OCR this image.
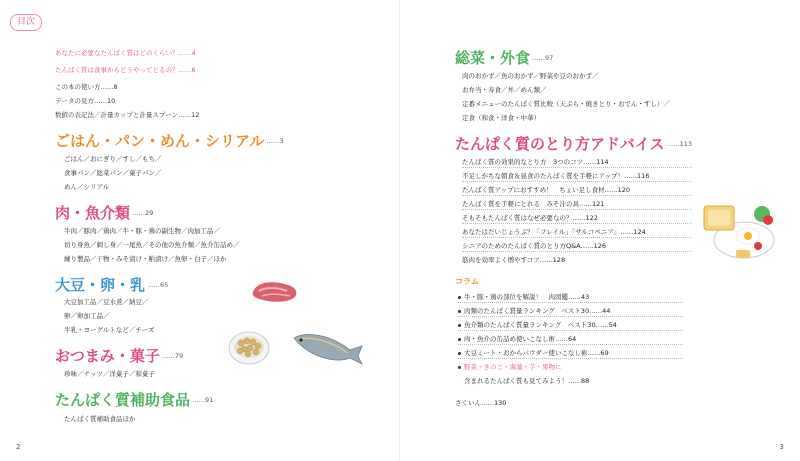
目次
あなたに必要なたんぱく質はどのくらい？……4
たんぱく質は食事からどうやってとるの？……6
この本の使い方……8
データの見方……10
数値の表記法／計量カップと計量スプーン……12
ごはん・パン・めん・シリアル $^{\dots\dots 3}$
ごはん／おにぎり／すし／もち／
食事パン／総菜パン／菓子パン／
めん／シリアル
肉・魚介類 $^{\dots\dots 29}$
牛肉／豚肉／鶏肉／牛・豚・鶏の副生物／肉加工品／
切り身魚／刺し身／一尾魚／その他の魚介類／魚介缶詰め／
練り製品／干物・みそ漬け・粕漬け／魚卵・白子／ほか
大豆・卵・乳 $^{\dots\dots 65}$
大豆加工品／豆水煮／納豆／
卵／卵加工品／
牛乳・ヨーグルトなど／チーズ
おつまみ・菓子 $^{\dots\dots 79}$
珍味／ナッツ／洋菓子／和菓子
たんぱく質補助食品 $^{\dots\dots 91}$
たんぱく質補助食品ほか
2
総菜・外食 $^{\dots\dots 97}$
肉のおかず／魚のおかず／野菜や豆のおかず／
お弁当・寿食／丼／めん類／
定番メニューのたんぱく質比較（天ぷら・焼きとり・おでん・すし）／
定食（和食・洋食・中華）
たんぱく質のとり方アドバイス $^{\dots\dots 113}$
たんぱく質の効果的なとり方　3つのコツ……114
不足しがちな朝食＆昼食のたんぱく質を手軽にアップ！……116
たんぱく質アップにおすすめ！　ちょい足し食材……120
たんぱく質を手軽にとれる　みそ汁の具……121
そもそもたんぱく質はなぜ必要なの？……122
あなたはだいじょうぶ？「フレイル」「サルコペニア」……124
シニアのためのたんぱく質のとり方Q&A……126
筋肉を効率よく増やすコツ……128
コラム
牛・豚・鶏の部位を解説！　肉図鑑……43
肉類のたんぱく質量ランキング　ベスト30……44
魚介類のたんぱく質量ランキング　ベスト30……54
肉・魚介の缶詰め使いこなし術……64
大豆ミート・おからパウダー使いこなし術……69
野菜・きのこ・海藻・芋・果物に
含まれるたんぱく質も見てみよう！……88
さくいん……130
3
